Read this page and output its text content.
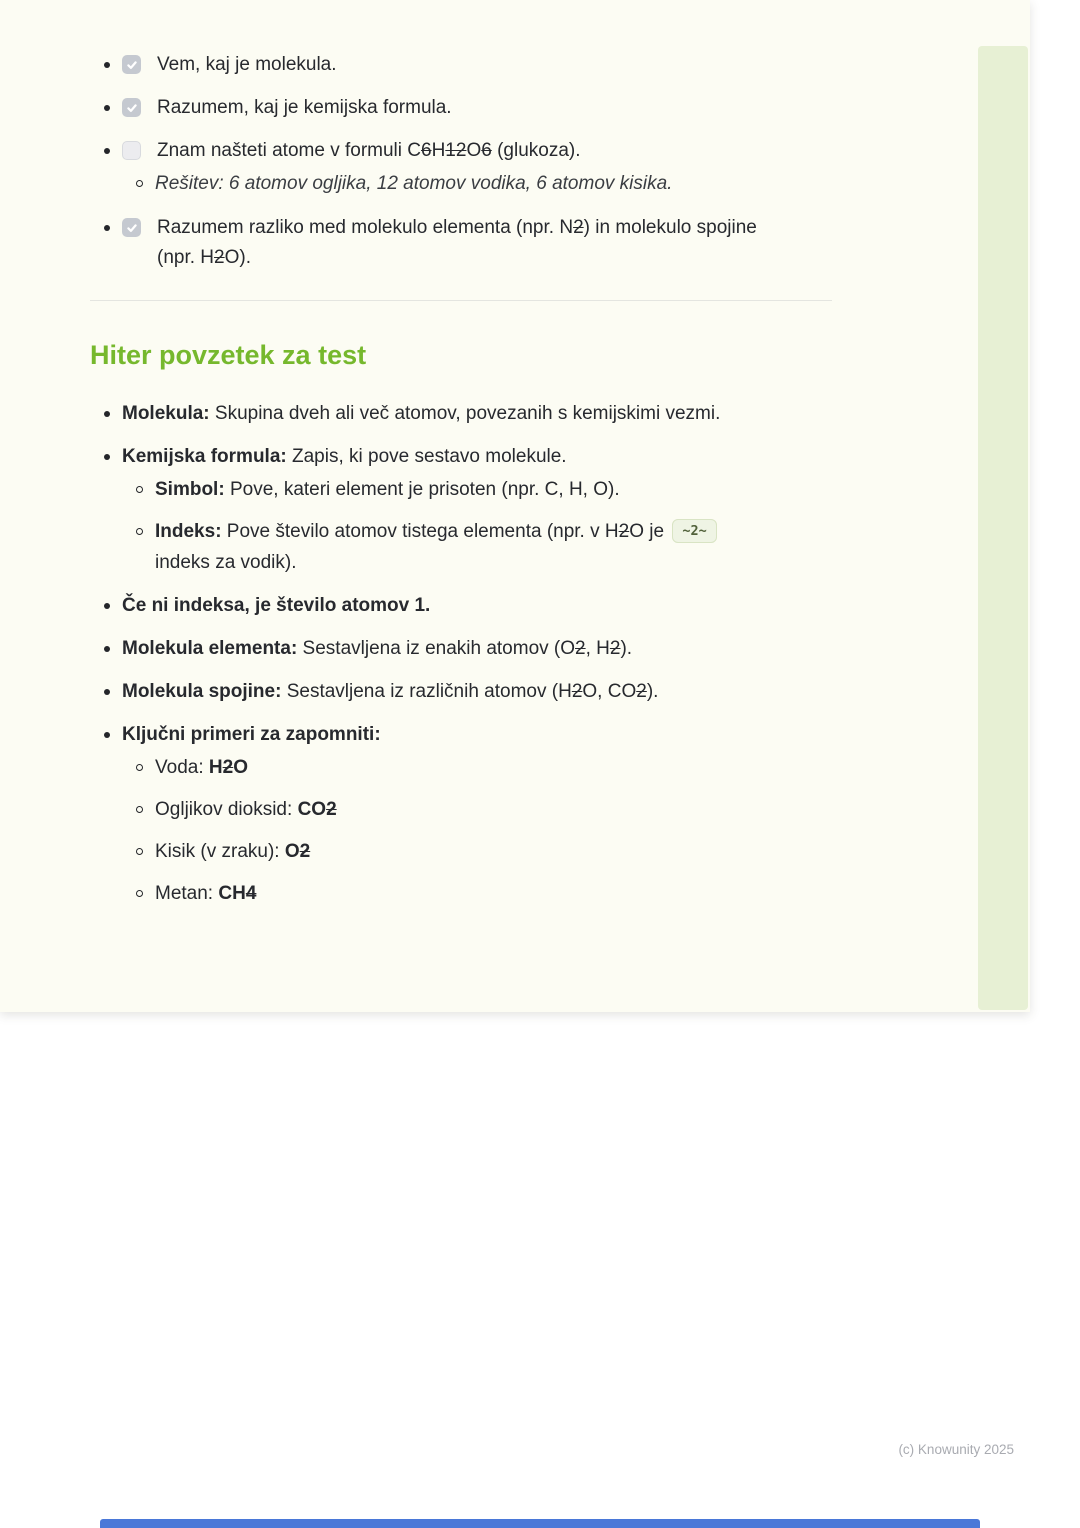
Vem, kaj je molekula.
Razumem, kaj je kemijska formula.
Znam našteti atome v formuli C6H12O6 (glukoza).
Rešitev: 6 atomov ogljika, 12 atomov vodika, 6 atomov kisika.
Razumem razliko med molekulo elementa (npr. N2) in molekulo spojine (npr. H2O).
Hiter povzetek za test
Molekula: Skupina dveh ali več atomov, povezanih s kemijskimi vezmi.
Kemijska formula: Zapis, ki pove sestavo molekule.
Simbol: Pove, kateri element je prisoten (npr. C, H, O).
Indeks: Pove število atomov tistega elementa (npr. v H2O je ~2~ indeks za vodik).
Če ni indeksa, je število atomov 1.
Molekula elementa: Sestavljena iz enakih atomov (O2, H2).
Molekula spojine: Sestavljena iz različnih atomov (H2O, CO2).
Ključni primeri za zapomniti:
Voda: H2O
Ogljikov dioksid: CO2
Kisik (v zraku): O2
Metan: CH4
(c) Knowunity 2025
